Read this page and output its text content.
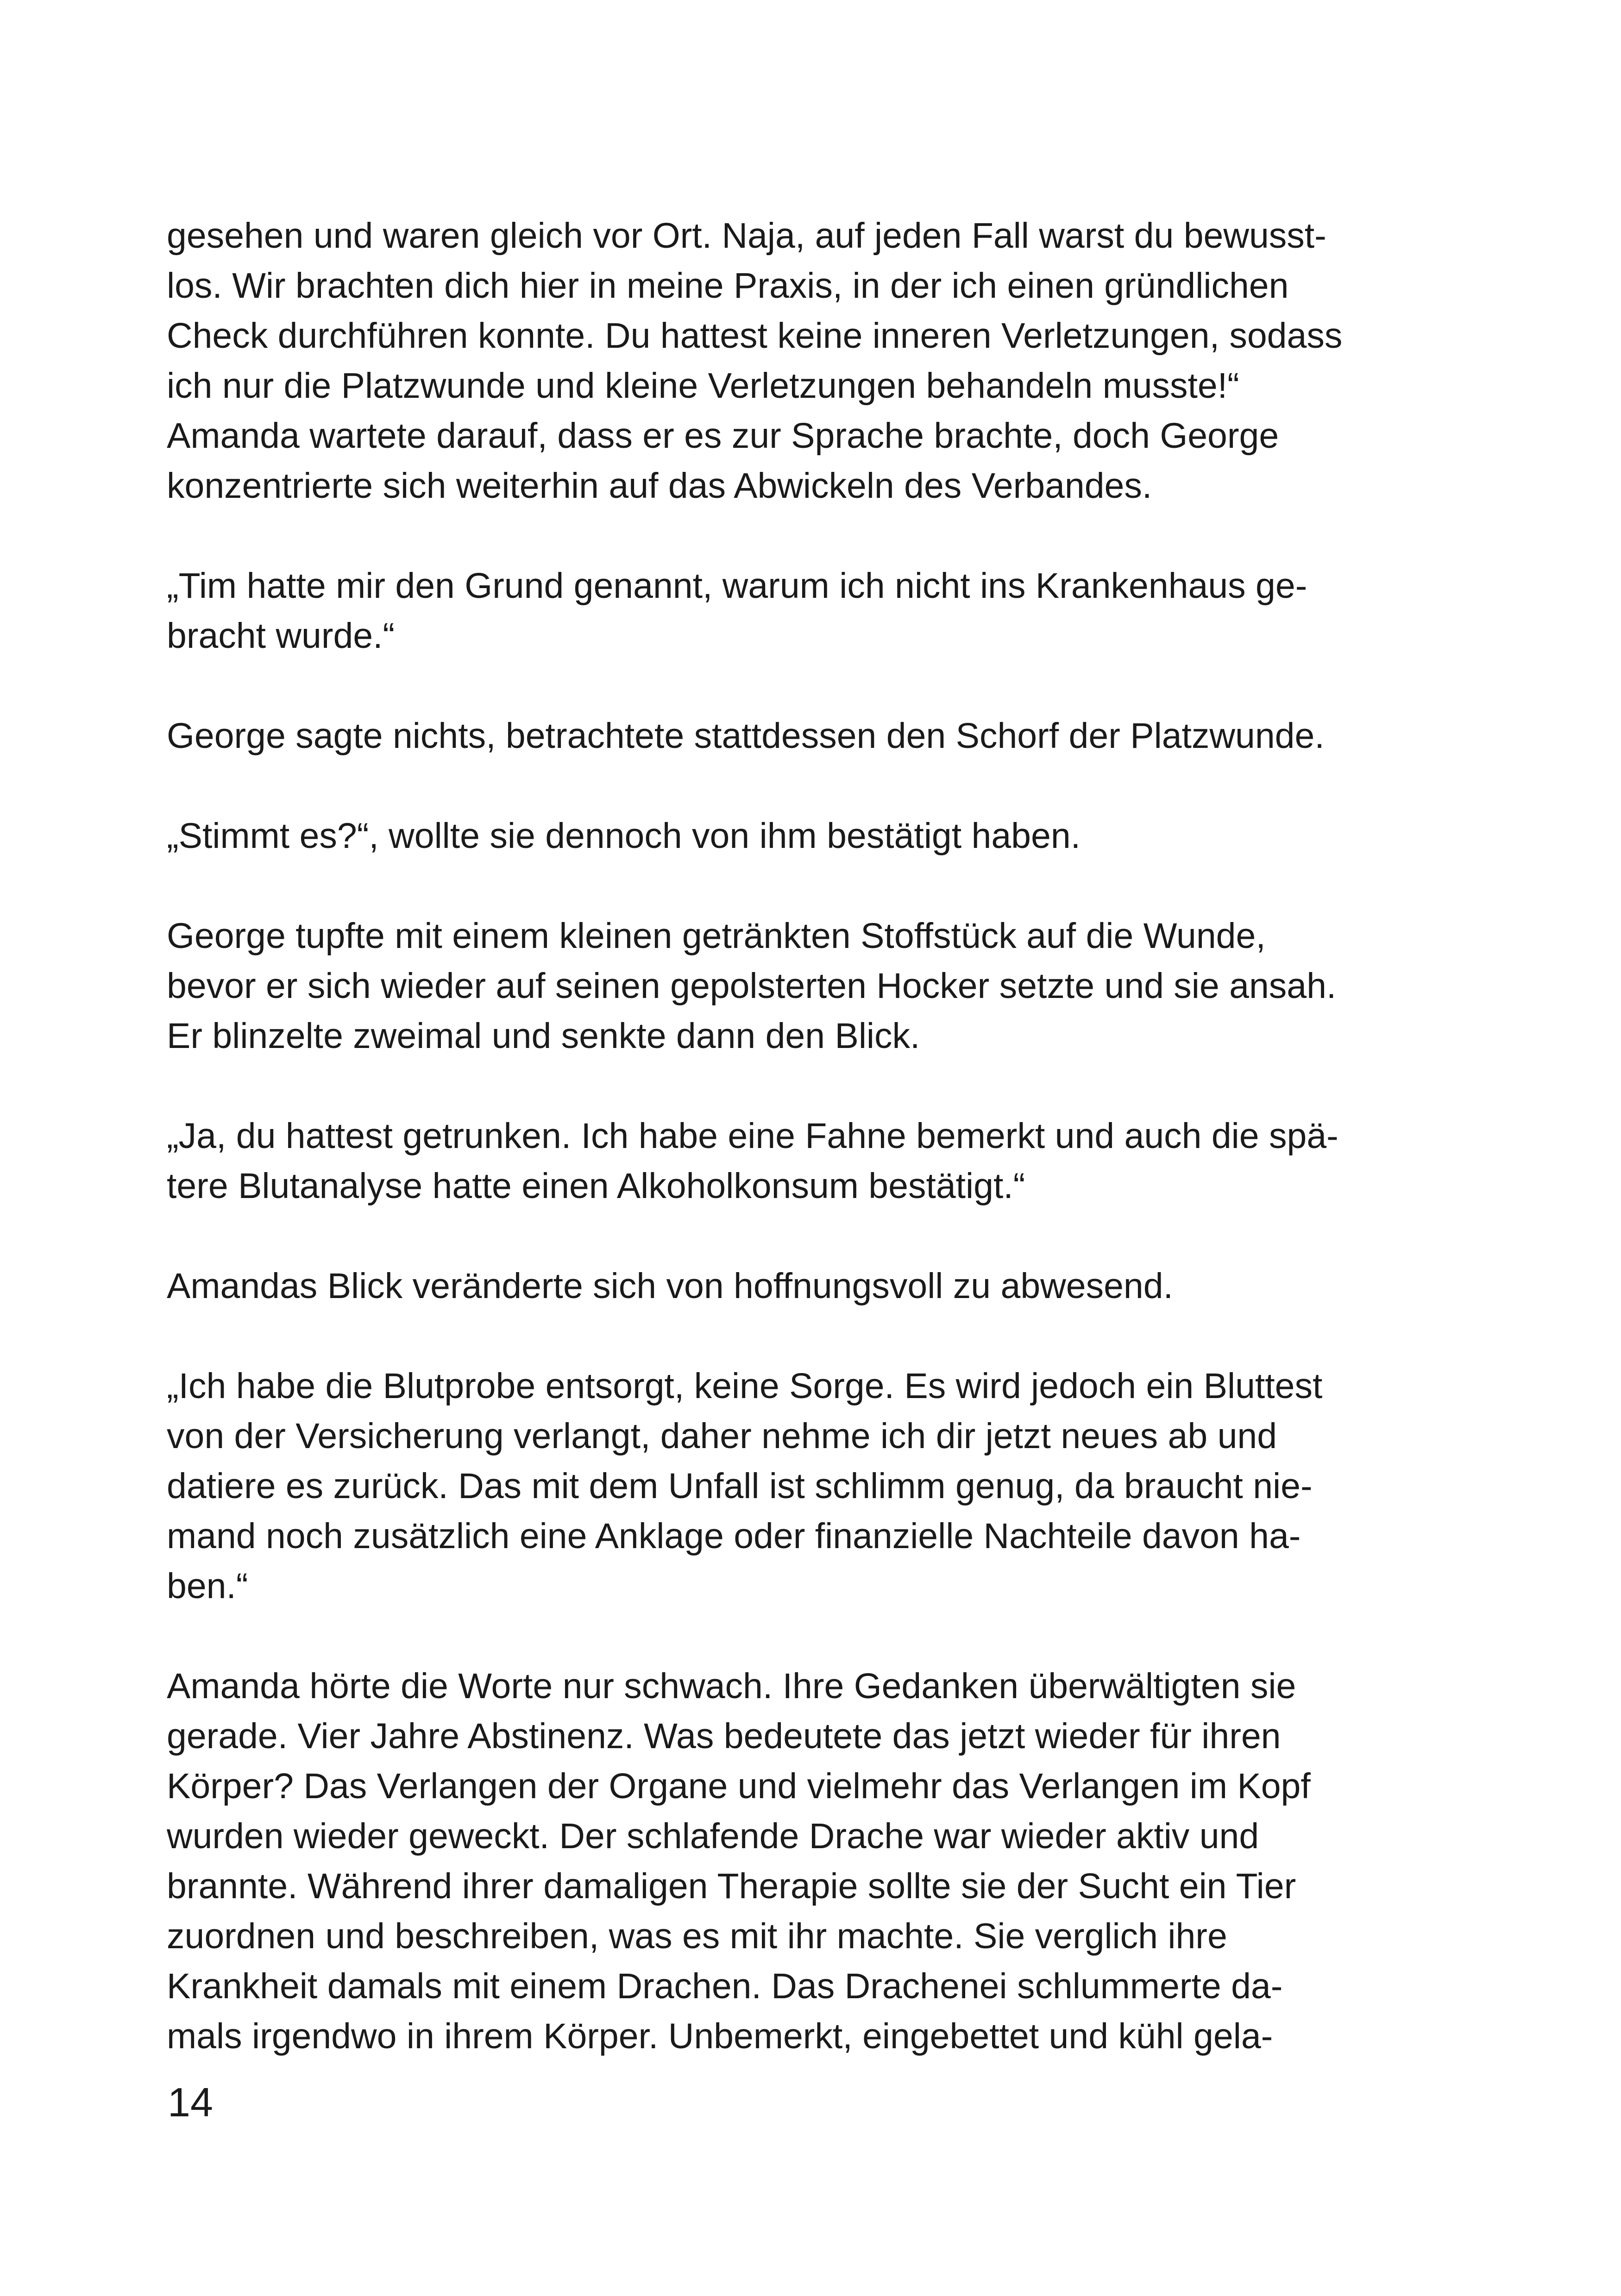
gesehen und waren gleich vor Ort. Naja, auf jeden Fall warst du bewusst-
los. Wir brachten dich hier in meine Praxis, in der ich einen gründlichen
Check durchführen konnte. Du hattest keine inneren Verletzungen, sodass
ich nur die Platzwunde und kleine Verletzungen behandeln musste!“
Amanda wartete darauf, dass er es zur Sprache brachte, doch George
konzentrierte sich weiterhin auf das Abwickeln des Verbandes.

„Tim hatte mir den Grund genannt, warum ich nicht ins Krankenhaus ge-
bracht wurde.“

George sagte nichts, betrachtete stattdessen den Schorf der Platzwunde.

„Stimmt es?“, wollte sie dennoch von ihm bestätigt haben.

George tupfte mit einem kleinen getränkten Stoffstück auf die Wunde,
bevor er sich wieder auf seinen gepolsterten Hocker setzte und sie ansah.
Er blinzelte zweimal und senkte dann den Blick.

„Ja, du hattest getrunken. Ich habe eine Fahne bemerkt und auch die spä-
tere Blutanalyse hatte einen Alkoholkonsum bestätigt.“

Amandas Blick veränderte sich von hoffnungsvoll zu abwesend.

„Ich habe die Blutprobe entsorgt, keine Sorge. Es wird jedoch ein Bluttest
von der Versicherung verlangt, daher nehme ich dir jetzt neues ab und
datiere es zurück. Das mit dem Unfall ist schlimm genug, da braucht nie-
mand noch zusätzlich eine Anklage oder finanzielle Nachteile davon ha-
ben.“

Amanda hörte die Worte nur schwach. Ihre Gedanken überwältigten sie
gerade. Vier Jahre Abstinenz. Was bedeutete das jetzt wieder für ihren
Körper? Das Verlangen der Organe und vielmehr das Verlangen im Kopf
wurden wieder geweckt. Der schlafende Drache war wieder aktiv und
brannte. Während ihrer damaligen Therapie sollte sie der Sucht ein Tier
zuordnen und beschreiben, was es mit ihr machte. Sie verglich ihre
Krankheit damals mit einem Drachen. Das Drachenei schlummerte da-
mals irgendwo in ihrem Körper. Unbemerkt, eingebettet und kühl gela-

14
